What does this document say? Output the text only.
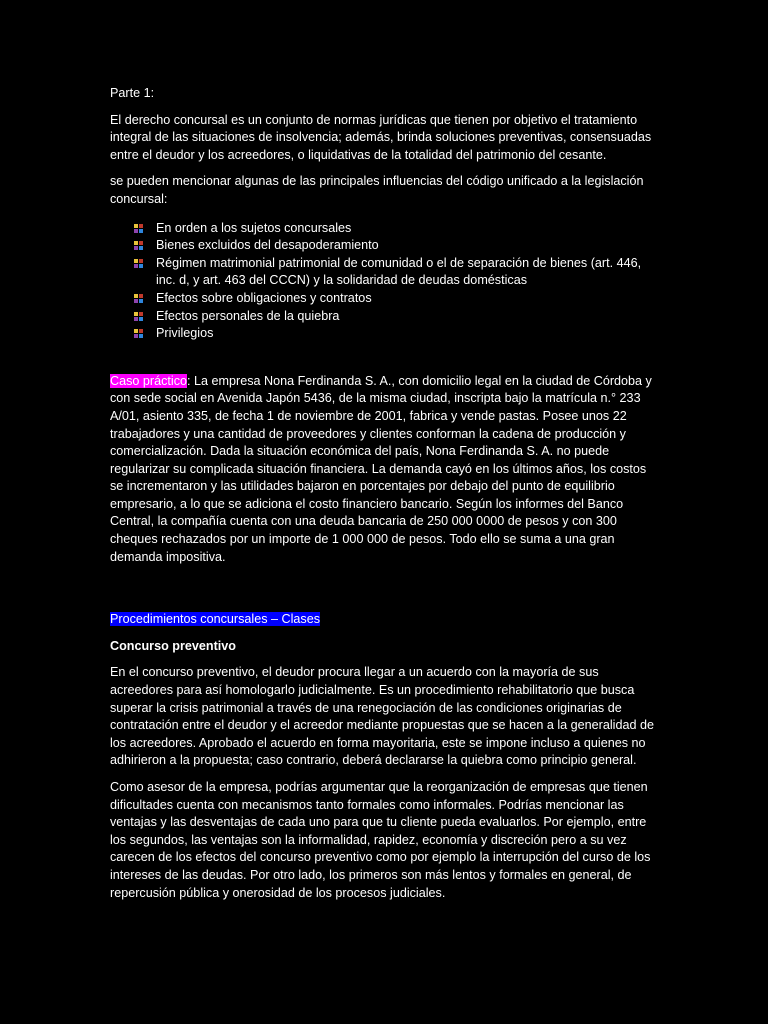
Parte 1:

El derecho concursal es un conjunto de normas jurídicas que tienen por objetivo el tratamiento integral de las situaciones de insolvencia; además, brinda soluciones preventivas, consensuadas entre el deudor y los acreedores, o liquidativas de la totalidad del patrimonio del cesante.

se pueden mencionar algunas de las principales influencias del código unificado a la legislación concursal:

En orden a los sujetos concursales
Bienes excluidos del desapoderamiento
Régimen matrimonial patrimonial de comunidad o el de separación de bienes (art. 446, inc. d, y art. 463 del CCCN) y la solidaridad de deudas domésticas
Efectos sobre obligaciones y contratos
Efectos personales de la quiebra
Privilegios

Caso práctico: La empresa Nona Ferdinanda S. A., con domicilio legal en la ciudad de Córdoba y con sede social en Avenida Japón 5436, de la misma ciudad, inscripta bajo la matrícula n.° 233 A/01, asiento 335, de fecha 1 de noviembre de 2001, fabrica y vende pastas. Posee unos 22 trabajadores y una cantidad de proveedores y clientes conforman la cadena de producción y comercialización. Dada la situación económica del país, Nona Ferdinanda S. A. no puede regularizar su complicada situación financiera. La demanda cayó en los últimos años, los costos se incrementaron y las utilidades bajaron en porcentajes por debajo del punto de equilibrio empresario, a lo que se adiciona el costo financiero bancario. Según los informes del Banco Central, la compañía cuenta con una deuda bancaria de 250 000 0000 de pesos y con 300 cheques rechazados por un importe de 1 000 000 de pesos. Todo ello se suma a una gran demanda impositiva.

Procedimientos concursales – Clases

Concurso preventivo

En el concurso preventivo, el deudor procura llegar a un acuerdo con la mayoría de sus acreedores para así homologarlo judicialmente. Es un procedimiento rehabilitatorio que busca superar la crisis patrimonial a través de una renegociación de las condiciones originarias de contratación entre el deudor y el acreedor mediante propuestas que se hacen a la generalidad de los acreedores. Aprobado el acuerdo en forma mayoritaria, este se impone incluso a quienes no adhirieron a la propuesta; caso contrario, deberá declararse la quiebra como principio general.

Como asesor de la empresa, podrías argumentar que la reorganización de empresas que tienen dificultades cuenta con mecanismos tanto formales como informales. Podrías mencionar las ventajas y las desventajas de cada uno para que tu cliente pueda evaluarlos. Por ejemplo, entre los segundos, las ventajas son la informalidad, rapidez, economía y discreción pero a su vez carecen de los efectos del concurso preventivo como por ejemplo la interrupción del curso de los intereses de las deudas. Por otro lado, los primeros son más lentos y formales en general, de repercusión pública y onerosidad de los procesos judiciales.
